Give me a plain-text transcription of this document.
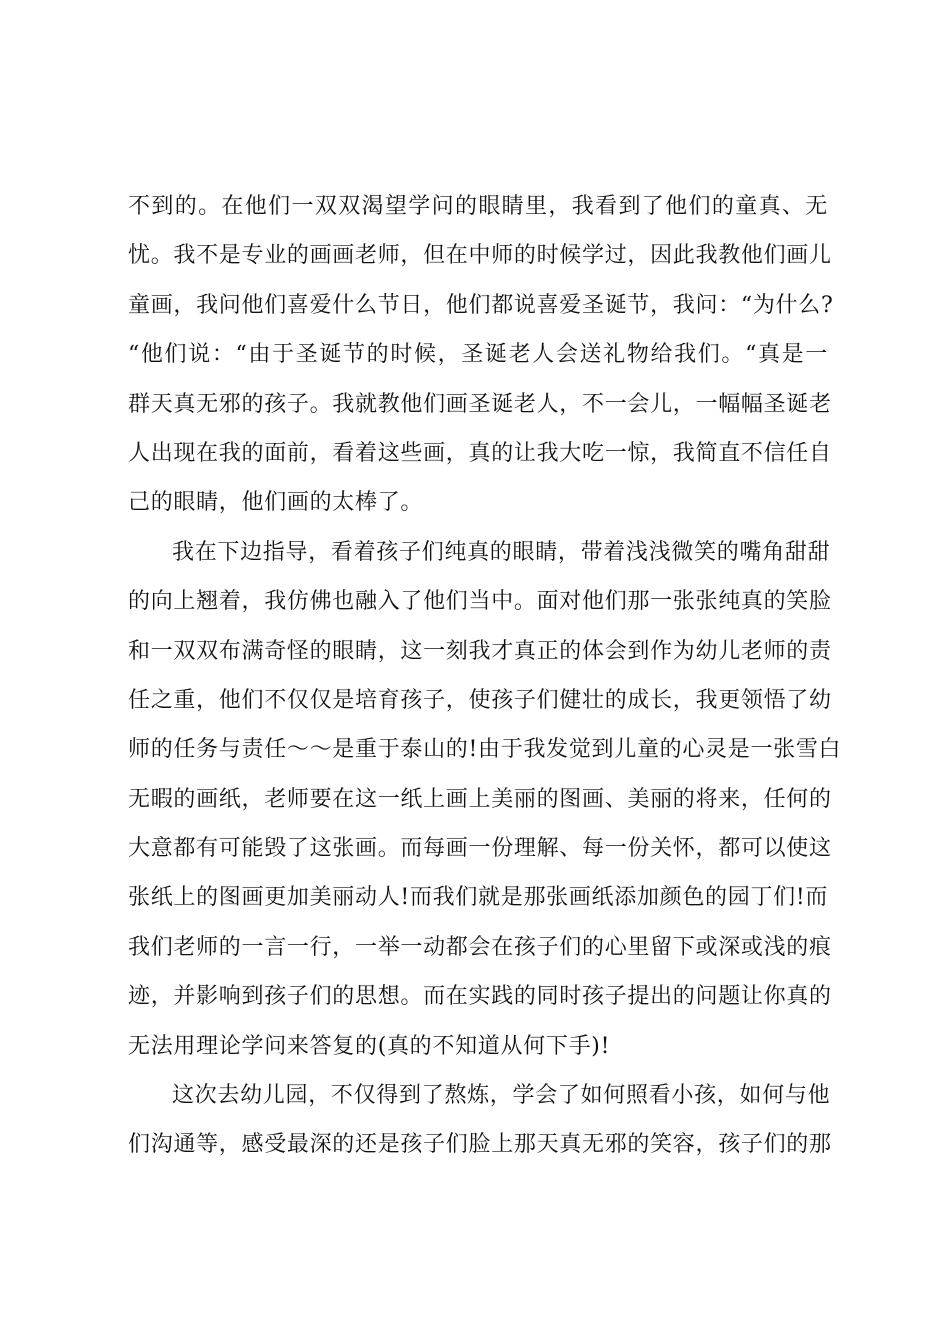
不到的。在他们一双双渴望学问的眼睛里，我看到了他们的童真、无
忧。我不是专业的画画老师，但在中师的时候学过，因此我教他们画儿
童画，我问他们喜爱什么节日，他们都说喜爱圣诞节，我问：“为什么?
“他们说：“由于圣诞节的时候，圣诞老人会送礼物给我们。“真是一
群天真无邪的孩子。我就教他们画圣诞老人，不一会儿，一幅幅圣诞老
人出现在我的面前，看着这些画，真的让我大吃一惊，我简直不信任自
己的眼睛，他们画的太棒了。
我在下边指导，看着孩子们纯真的眼睛，带着浅浅微笑的嘴角甜甜
的向上翘着，我仿佛也融入了他们当中。面对他们那一张张纯真的笑脸
和一双双布满奇怪的眼睛，这一刻我才真正的体会到作为幼儿老师的责
任之重，他们不仅仅是培育孩子，使孩子们健壮的成长，我更领悟了幼
师的任务与责任～～是重于泰山的!由于我发觉到儿童的心灵是一张雪白
无暇的画纸，老师要在这一纸上画上美丽的图画、美丽的将来，任何的
大意都有可能毁了这张画。而每画一份理解、每一份关怀，都可以使这
张纸上的图画更加美丽动人!而我们就是那张画纸添加颜色的园丁们!而
我们老师的一言一行，一举一动都会在孩子们的心里留下或深或浅的痕
迹，并影响到孩子们的思想。而在实践的同时孩子提出的问题让你真的
无法用理论学问来答复的(真的不知道从何下手)!
这次去幼儿园，不仅得到了熬炼，学会了如何照看小孩，如何与他
们沟通等，感受最深的还是孩子们脸上那天真无邪的笑容，孩子们的那
